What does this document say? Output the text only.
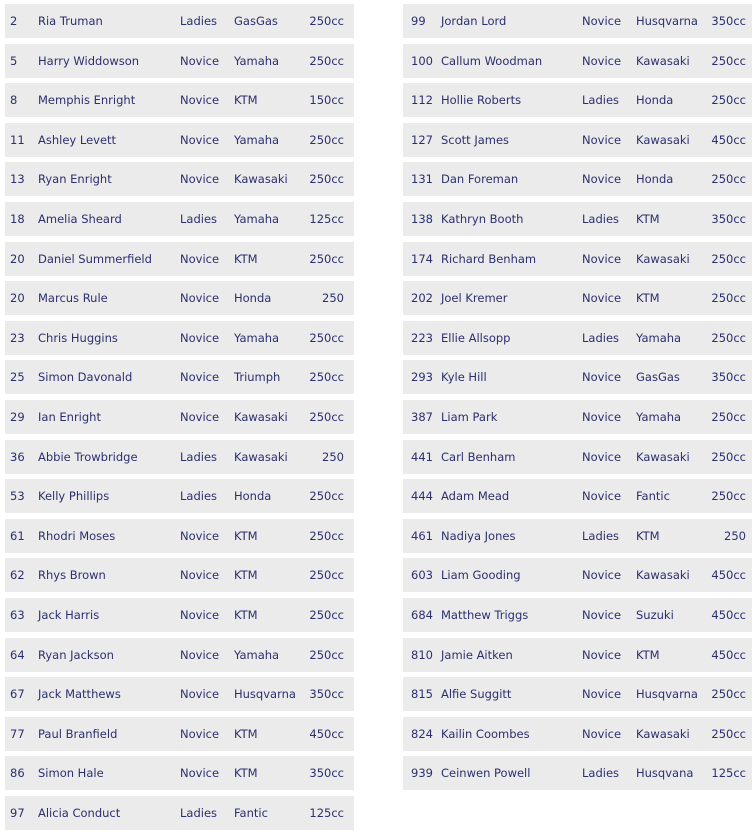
2 Ria Truman	Ladies GasGas	250cc
5 Harry Widdowson	Novice Yamaha	250cc
8 Memphis Enright	Novice KTM	150cc
11 Ashley Levett	Novice Yamaha	250cc
13 Ryan Enright	Novice Kawasaki 250cc
18 Amelia Sheard	Ladies Yamaha	125cc
20 Daniel Summerfield Novice KTM	250cc
20 Marcus Rule	Novice Honda	250
23 Chris Huggins	Novice Yamaha	250cc
25 Simon Davonald	Novice Triumph	250cc
29 Ian Enright	Novice Kawasaki 250cc
36 Abbie Trowbridge	Ladies Kawasaki	250
53 Kelly Phillips	Ladies Honda	250cc
61 Rhodri Moses	Novice KTM	250cc
62 Rhys Brown	Novice KTM	250cc
63 Jack Harris	Novice KTM	250cc
64 Ryan Jackson	Novice Yamaha	250cc
67 Jack Matthews	Novice Husqvarna 350cc
77 Paul Branfield	Novice KTM	450cc
86 Simon Hale	Novice KTM	350cc
97 Alicia Conduct	Ladies Fantic	125cc
99 Jordan Lord	Novice Husqvarna 350cc
100 Callum Woodman	Novice Kawasaki 250cc
112 Hollie Roberts	Ladies Honda	250cc
127 Scott James	Novice Kawasaki 450cc
131 Dan Foreman	Novice Honda	250cc
138 Kathryn Booth	Ladies KTM	350cc
174 Richard Benham	Novice Kawasaki 250cc
202 Joel Kremer	Novice KTM	250cc
223 Ellie Allsopp	Ladies Yamaha	250cc
293 Kyle Hill	Novice GasGas	350cc
387 Liam Park	Novice Yamaha	250cc
441 Carl Benham	Novice Kawasaki 250cc
444 Adam Mead	Novice Fantic	250cc
461 Nadiya Jones	Ladies KTM	250
603 Liam Gooding	Novice Kawasaki 450cc
684 Matthew Triggs	Novice Suzuki	450cc
810 Jamie Aitken	Novice KTM	450cc
815 Alfie Suggitt	Novice Husqvarna 250cc
824 Kailin Coombes	Novice Kawasaki 250cc
939 Ceinwen Powell	Ladies Husqvana 125cc
